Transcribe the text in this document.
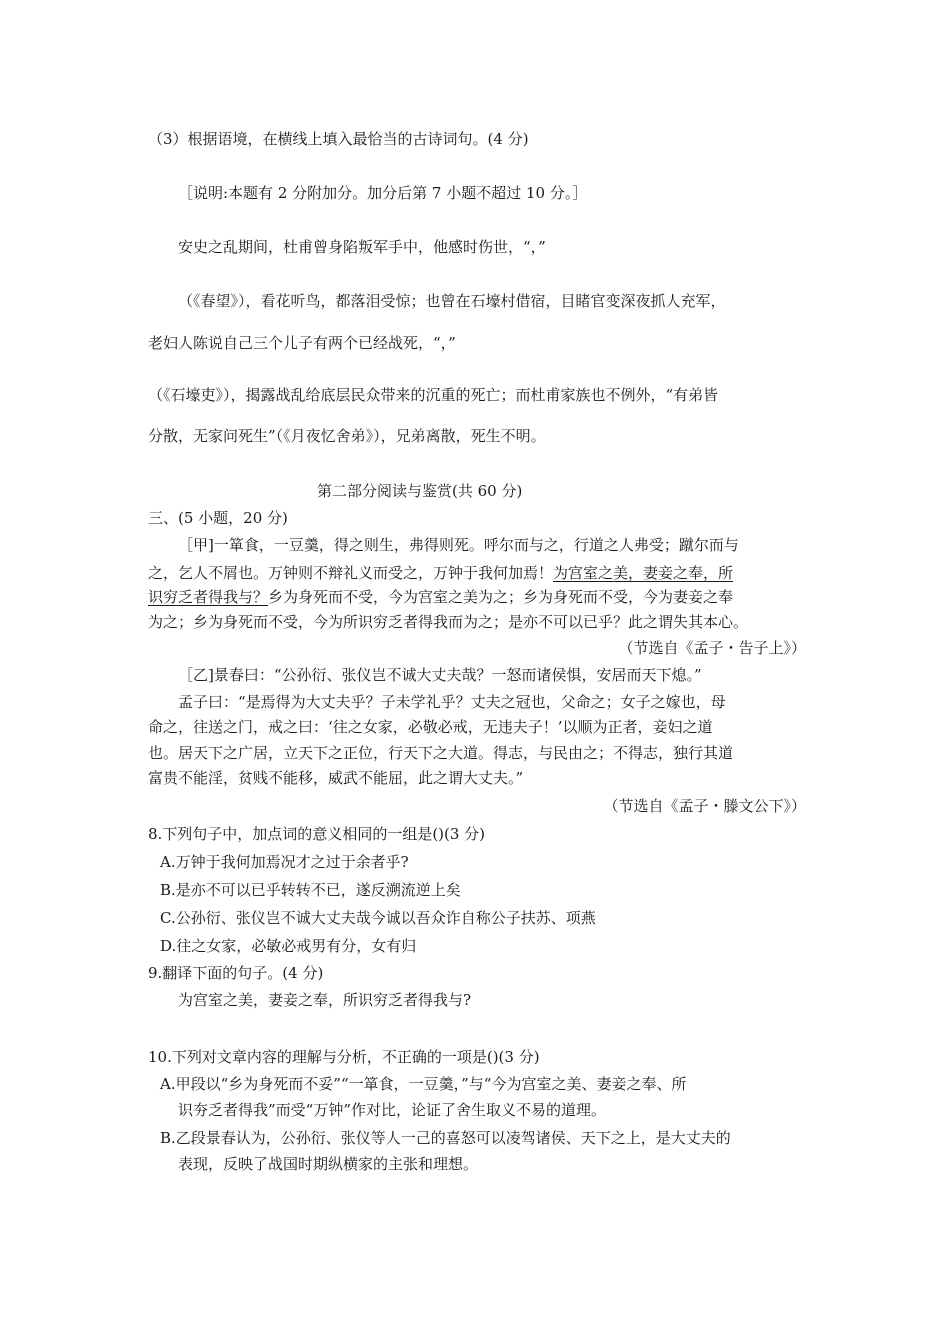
（3）根据语境，在横线上填入最恰当的古诗词句。(4 分)
［说明:本题有 2 分附加分。加分后第 7 小题不超过 10 分。］
安史之乱期间，杜甫曾身陷叛军手中，他感时伤世，“，”
（《春望》），看花听鸟，都落泪受惊；也曾在石壕村借宿，目睹官变深夜抓人充军，
老妇人陈说自己三个儿子有两个已经战死，“，”
（《石壕吏》），揭露战乱给底层民众带来的沉重的死亡；而杜甫家族也不例外，“有弟皆
分散，无家问死生”（《月夜忆舍弟》），兄弟离散，死生不明。
第二部分阅读与鉴赏(共 60 分)
三、(5 小题，20 分)
［甲]一箪食，一豆羹，得之则生，弗得则死。呼尔而与之，行道之人弗受；蹴尔而与
之，乞人不屑也。万钟则不辩礼义而受之，万钟于我何加焉！为宫室之美，妻妾之奉，所
识穷乏者得我与？乡为身死而不受，今为宫室之美为之；乡为身死而不受，今为妻妾之奉
为之；乡为身死而不受，今为所识穷乏者得我而为之；是亦不可以已乎？此之谓失其本心。
（节选自《孟子・告子上》）
［乙]景春曰：“公孙衍、张仪岂不诚大丈夫哉？一怒而诸侯惧，安居而天下熄。”
孟子曰：“是焉得为大丈夫乎？子未学礼乎？丈夫之冠也，父命之；女子之嫁也，母
命之，往送之门，戒之曰：‘往之女家，必敬必戒，无违夫子！’以顺为正者，妾妇之道
也。居天下之广居，立天下之正位，行天下之大道。得志，与民由之；不得志，独行其道
富贵不能淫，贫贱不能移，威武不能屈，此之谓大丈夫。”
（节选自《孟子・滕文公下》）
8.下列句子中，加点词的意义相同的一组是()(3 分)
A.万钟于我何加焉况才之过于余者乎?
B.是亦不可以已乎转转不已，遂反溯流逆上矣
C.公孙衍、张仪岂不诚大丈夫哉今诚以吾众诈自称公子扶苏、项燕
D.往之女家，必敏必戒男有分，女有归
9.翻译下面的句子。(4 分)
为宫室之美，妻妾之奉，所识穷乏者得我与?
10.下列对文章内容的理解与分析，不正确的一项是()(3 分)
A.甲段以“乡为身死而不妥”“一箪食，一豆羹，”与“今为宫室之美、妻妾之奉、所
识夯乏者得我”而受“万钟”作对比，论证了舍生取义不易的道理。
B.乙段景春认为，公孙衍、张仪等人一己的喜怒可以凌驾诸侯、天下之上，是大丈夫的
表现，反映了战国时期纵横家的主张和理想。
